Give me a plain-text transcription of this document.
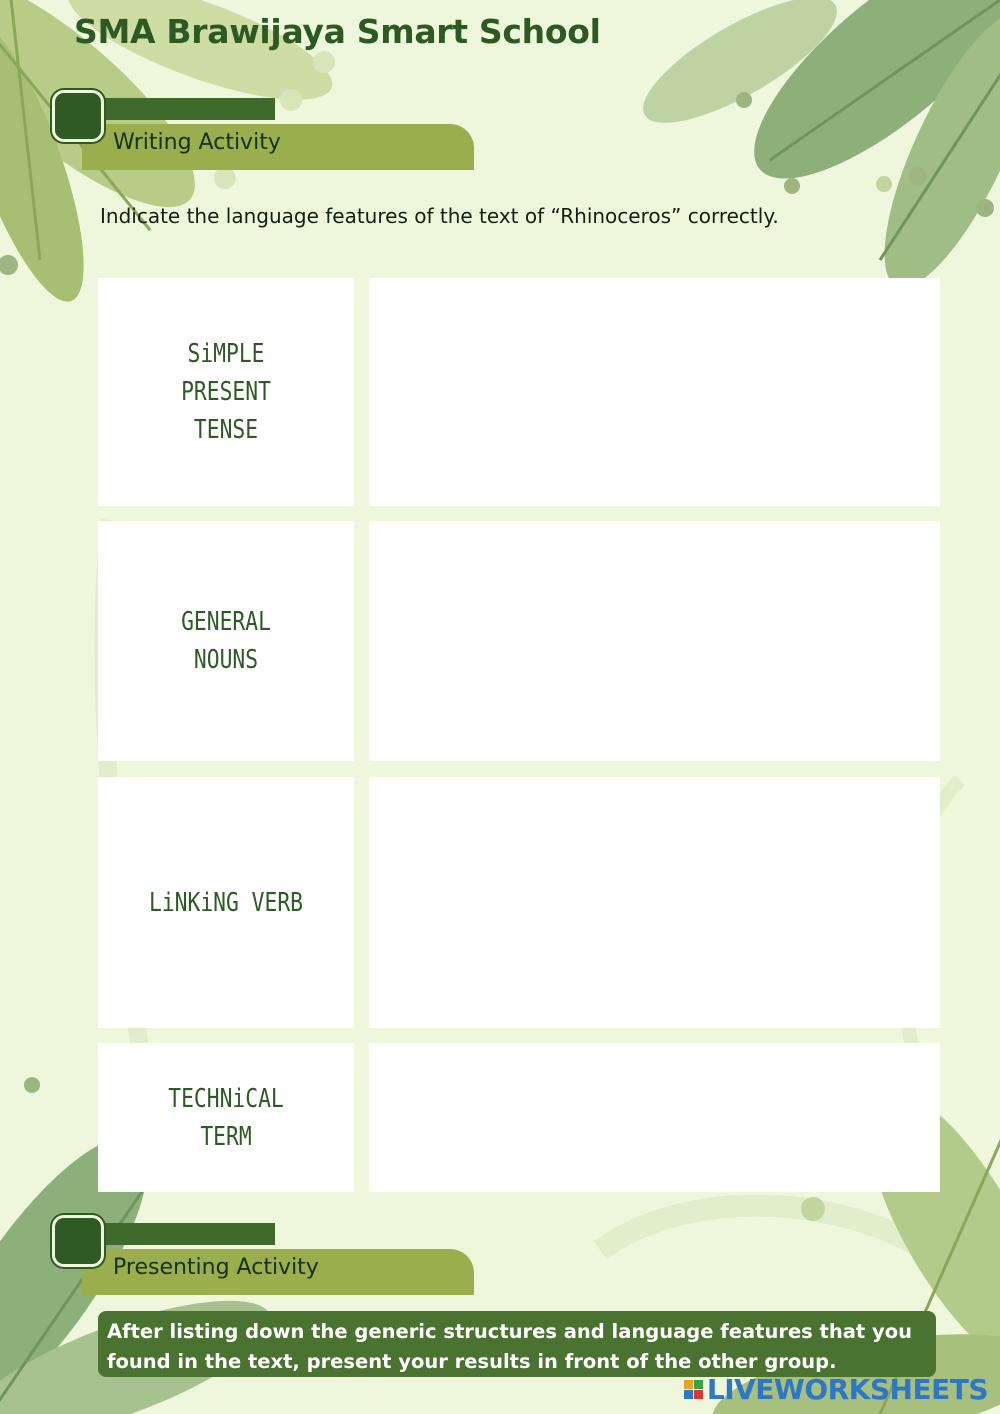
SMA Brawijaya Smart School
Writing Activity

Indicate the language features of the text of “Rhinoceros” correctly.

SiMPLE PRESENT TENSE
GENERAL NOUNS
LiNKiNG VERB
TECHNiCAL TERM
Presenting Activity
After listing down the generic structures and language features that you found in the text, present your results in front of the other group.
LIVEWORKSHEETS
